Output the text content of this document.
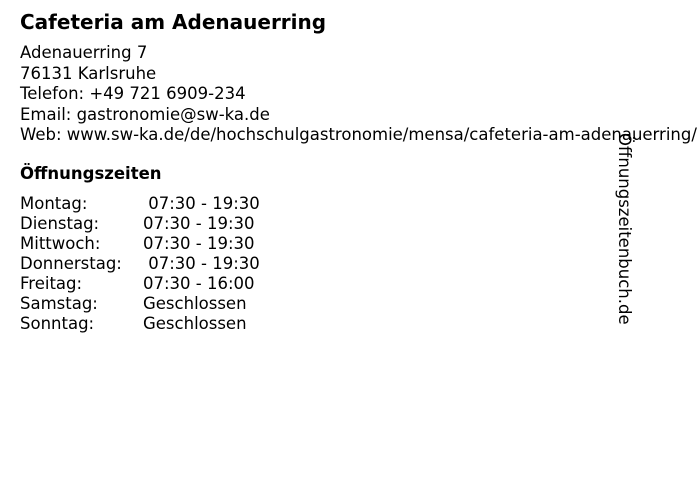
Cafeteria am Adenauerring
Adenauerring 7
76131 Karlsruhe
Telefon: +49 721 6909-234
Email: gastronomie@sw-ka.de
Web: www.sw-ka.de/de/hochschulgastronomie/mensa/cafeteria-am-adenauerring/
Öffnungszeiten
Montag:	07:30 - 19:30
Dienstag:	07:30 - 19:30
Mittwoch:	07:30 - 19:30
Donnerstag:	07:30 - 19:30
Freitag:	07:30 - 16:00
Samstag:	Geschlossen
Sonntag:	Geschlossen	Öffnungszeitenbuch.de
